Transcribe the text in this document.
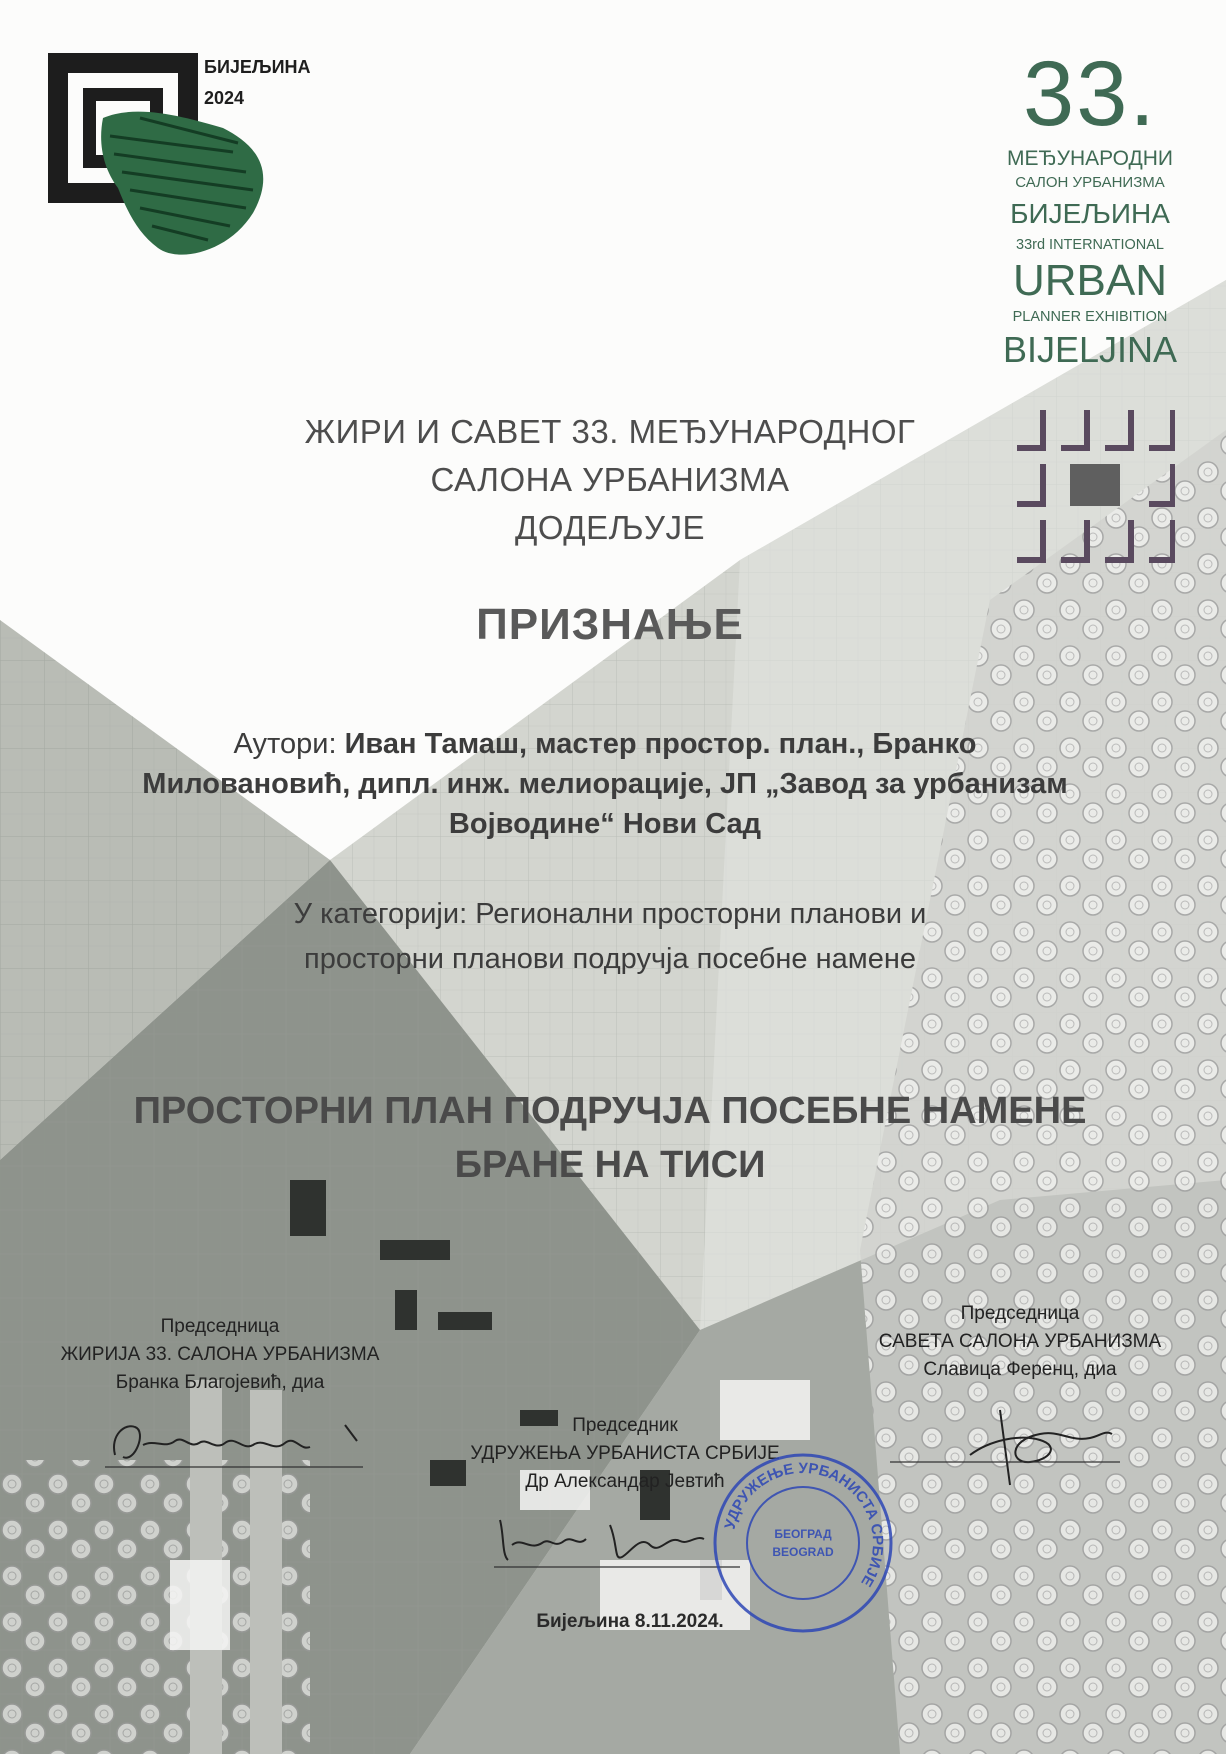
БИЈЕЉИНА
2024	33.
МЕЂУНАРОДНИ
САЛОН УРБАНИЗМА
БИЈЕЉИНА
33rd INTERNATIONAL
URBAN
PLANNER EXHIBITION
BIJELJINA
ЖИРИ И САВЕТ 33. МЕЂУНАРОДНОГ
САЛОНА УРБАНИЗМА
ДОДЕЉУЈЕ
ПРИЗНАЊЕ
Аутори: Иван Тамаш, мастер простор. план., Бранко
Миловановић, дипл. инж. мелиорације, ЈП „Завод за урбанизам
Војводине“ Нови Сад
У категорији: Регионални просторни планови и
просторни планови подручја посебне намене
ПРОСТОРНИ ПЛАН ПОДРУЧЈА ПОСЕБНЕ НАМЕНЕ
БРАНЕ НА ТИСИ
Председница
ЖИРИЈА 33. САЛОНА УРБАНИЗМА
Бранка Благојевић, диа
Председница
САВЕТА САЛОНА УРБАНИЗМА
Славица Ференц, диа
Председник
УДРУЖЕЊА УРБАНИСТА СРБИЈЕ
Др Александар Јевтић
УДРУЖЕЊЕ УРБАНИСТА СРБИЈЕ
БЕОГРАД
BEOGRAD
Бијељина 8.11.2024.
